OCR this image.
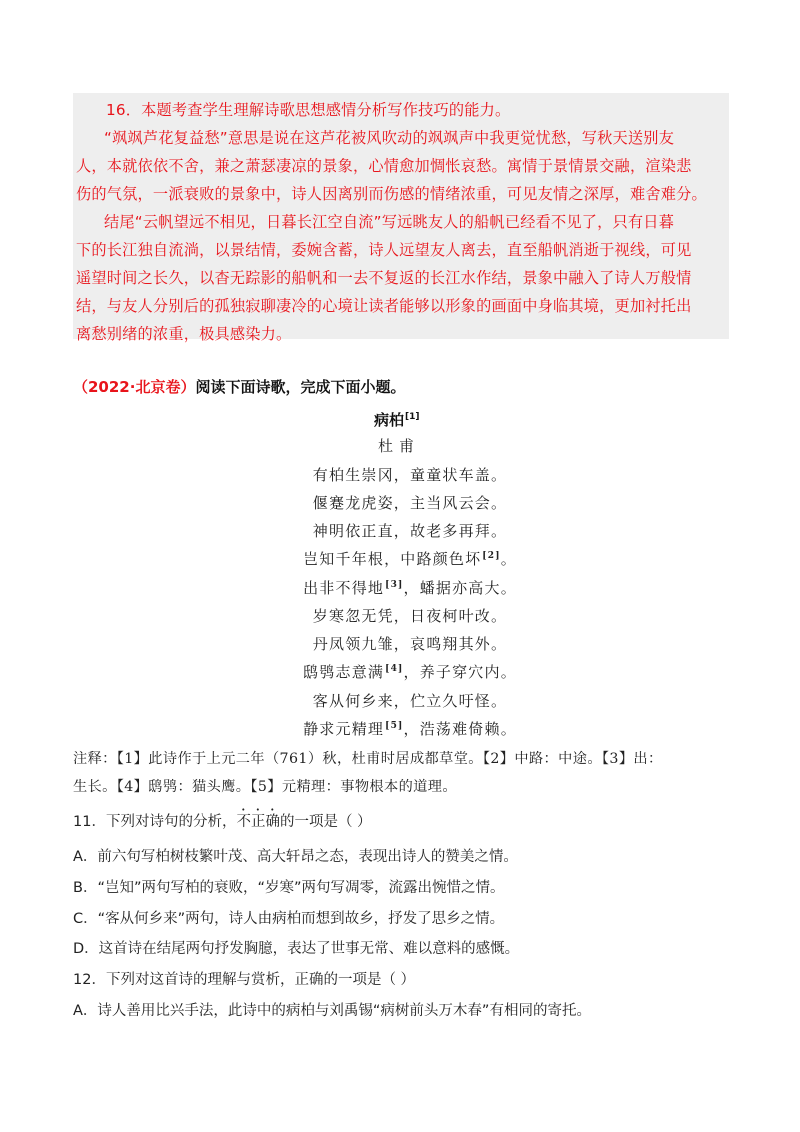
16．本题考查学生理解诗歌思想感情分析写作技巧的能力。
“飒飒芦花复益愁”意思是说在这芦花被风吹动的飒飒声中我更觉忧愁，写秋天送别友
人，本就依依不舍，兼之萧瑟凄凉的景象，心情愈加惆怅哀愁。寓情于景情景交融，渲染悲
伤的气氛，一派衰败的景象中，诗人因离别而伤感的情绪浓重，可见友情之深厚，难舍难分。
结尾“云帆望远不相见，日暮长江空自流”写远眺友人的船帆已经看不见了，只有日暮
下的长江独自流淌，以景结情，委婉含蓄，诗人远望友人离去，直至船帆消逝于视线，可见
遥望时间之长久，以杳无踪影的船帆和一去不复返的长江水作结，景象中融入了诗人万般情
结，与友人分别后的孤独寂聊凄冷的心境让读者能够以形象的画面中身临其境，更加衬托出
离愁别绪的浓重，极具感染力。
（2022·北京卷）阅读下面诗歌，完成下面小题。
病柏[1]
杜甫
有柏生崇冈，童童状车盖。
偃蹇龙虎姿，主当风云会。
神明依正直，故老多再拜。
岂知千年根，中路颜色坏[2]。
出非不得地[3]，蟠据亦高大。
岁寒忽无凭，日夜柯叶改。
丹凤领九雏，哀鸣翔其外。
鸱鸮志意满[4]，养子穿穴内。
客从何乡来，伫立久吁怪。
静求元精理[5]，浩荡难倚赖。
注释：【1】此诗作于上元二年（761）秋，杜甫时居成都草堂。【2】中路：中途。【3】出：
生长。【4】鸱鸮：猫头鹰。【5】元精理：事物根本的道理。
11．下列对诗句的分析，不正确的一项是（ ）
A．前六句写柏树枝繁叶茂、高大轩昂之态，表现出诗人的赞美之情。
B．“岂知”两句写柏的衰败，“岁寒”两句写凋零，流露出惋惜之情。
C．“客从何乡来”两句，诗人由病柏而想到故乡，抒发了思乡之情。
D．这首诗在结尾两句抒发胸臆，表达了世事无常、难以意料的感慨。
12．下列对这首诗的理解与赏析，正确的一项是（ ）
A．诗人善用比兴手法，此诗中的病柏与刘禹锡“病树前头万木春”有相同的寄托。
